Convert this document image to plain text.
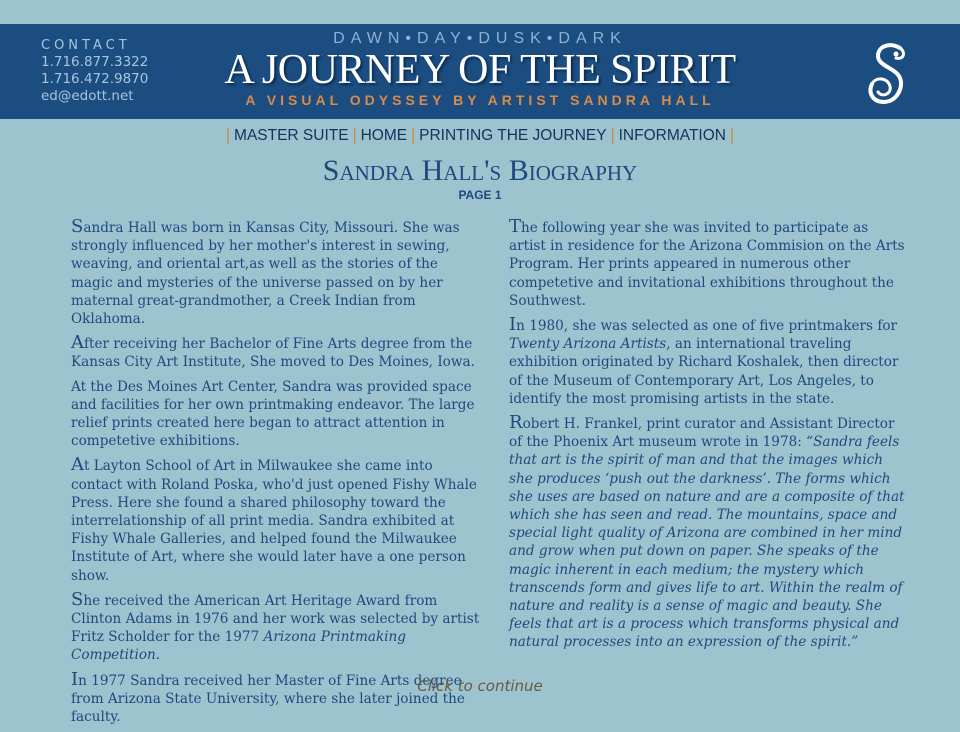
CONTACT
1.716.877.3322
1.716.472.9870
ed@edott.net
DAWN•DAY•DUSK•DARK
A JOURNEY OF THE SPIRIT
A VISUAL ODYSSEY BY ARTIST SANDRA HALL
| MASTER SUITE | HOME | PRINTING THE JOURNEY | INFORMATION |
Sandra Hall's Biography
PAGE 1

Sandra Hall was born in Kansas City, Missouri. She was strongly influenced by her mother's interest in sewing, weaving, and oriental art,as well as the stories of the magic and mysteries of the universe passed on by her maternal great-grandmother, a Creek Indian from Oklahoma.

After receiving her Bachelor of Fine Arts degree from the Kansas City Art Institute, She moved to Des Moines, Iowa.

At the Des Moines Art Center, Sandra was provided space and facilities for her own printmaking endeavor. The large relief prints created here began to attract attention in competetive exhibitions.

At Layton School of Art in Milwaukee she came into contact with Roland Poska, who'd just opened Fishy Whale Press. Here she found a shared philosophy toward the interrelationship of all print media. Sandra exhibited at Fishy Whale Galleries, and helped found the Milwaukee Institute of Art, where she would later have a one person show.

She received the American Art Heritage Award from Clinton Adams in 1976 and her work was selected by artist Fritz Scholder for the 1977 Arizona Printmaking Competition.

In 1977 Sandra received her Master of Fine Arts degree from Arizona State University, where she later joined the faculty.

The following year she was invited to participate as artist in residence for the Arizona Commision on the Arts Program. Her prints appeared in numerous other competetive and invitational exhibitions throughout the Southwest.

In 1980, she was selected as one of five printmakers for Twenty Arizona Artists, an international traveling exhibition originated by Richard Koshalek, then director of the Museum of Contemporary Art, Los Angeles, to identify the most promising artists in the state.

Robert H. Frankel, print curator and Assistant Director of the Phoenix Art museum wrote in 1978: “Sandra feels that art is the spirit of man and that the images which she produces ‘push out the darkness’. The forms which she uses are based on nature and are a composite of that which she has seen and read. The mountains, space and special light quality of Arizona are combined in her mind and grow when put down on paper. She speaks of the magic inherent in each medium; the mystery which transcends form and gives life to art. Within the realm of nature and reality is a sense of magic and beauty. She feels that art is a process which transforms physical and natural processes into an expression of the spirit.”

Click to continue
